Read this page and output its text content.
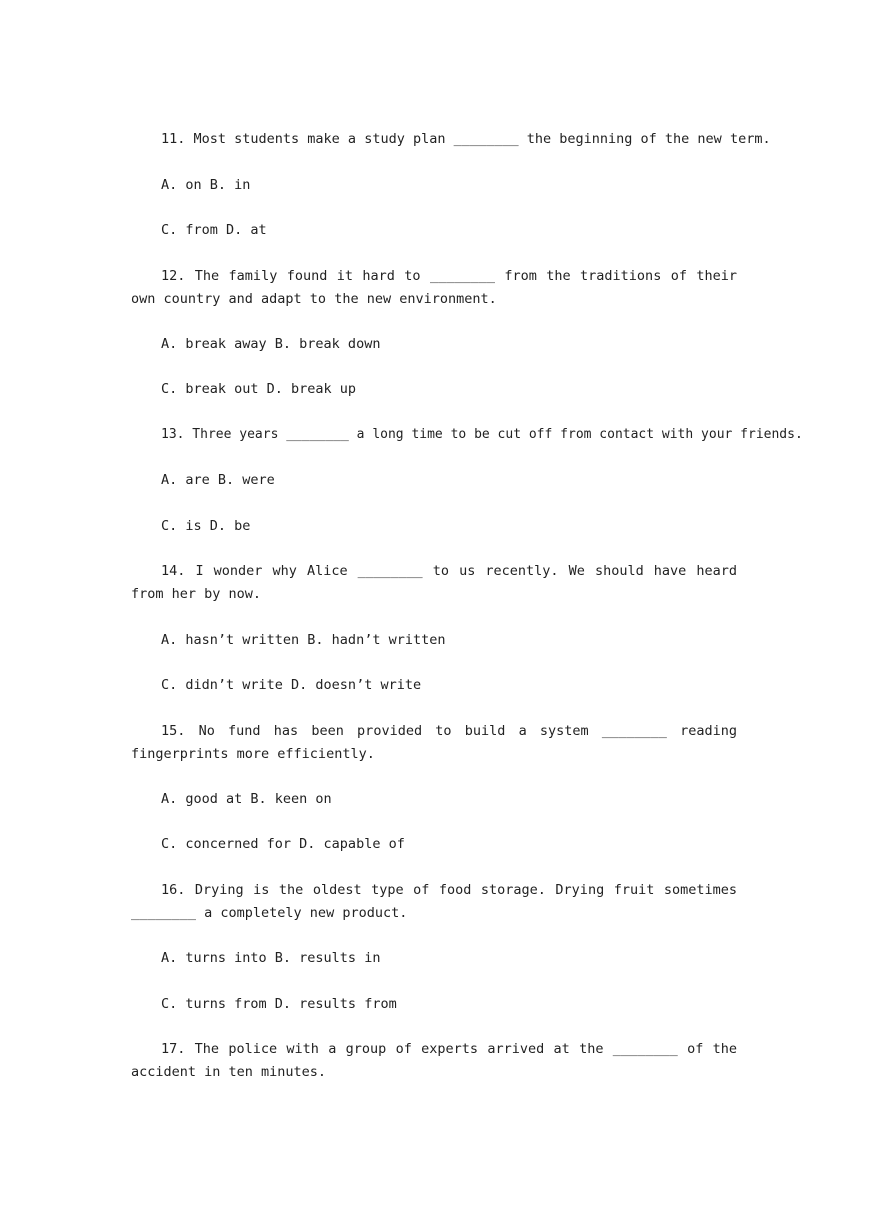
11. Most students make a study plan ________ the beginning of the new term.
A. on B. in
C. from D. at
12. The family found it hard to ________ from the traditions of their own country and adapt to the new environment.
A. break away B. break down
C. break out D. break up
13. Three years ________ a long time to be cut off from contact with your friends.
A. are B. were
C. is D. be
14. I wonder why Alice ________ to us recently. We should have heard from her by now.
A. hasn’t written B. hadn’t written
C. didn’t write D. doesn’t write
15. No fund has been provided to build a system ________ reading fingerprints more efficiently.
A. good at B. keen on
C. concerned for D. capable of
16. Drying is the oldest type of food storage. Drying fruit sometimes ________ a completely new product.
A. turns into B. results in
C. turns from D. results from
17. The police with a group of experts arrived at the ________ of the accident in ten minutes.
